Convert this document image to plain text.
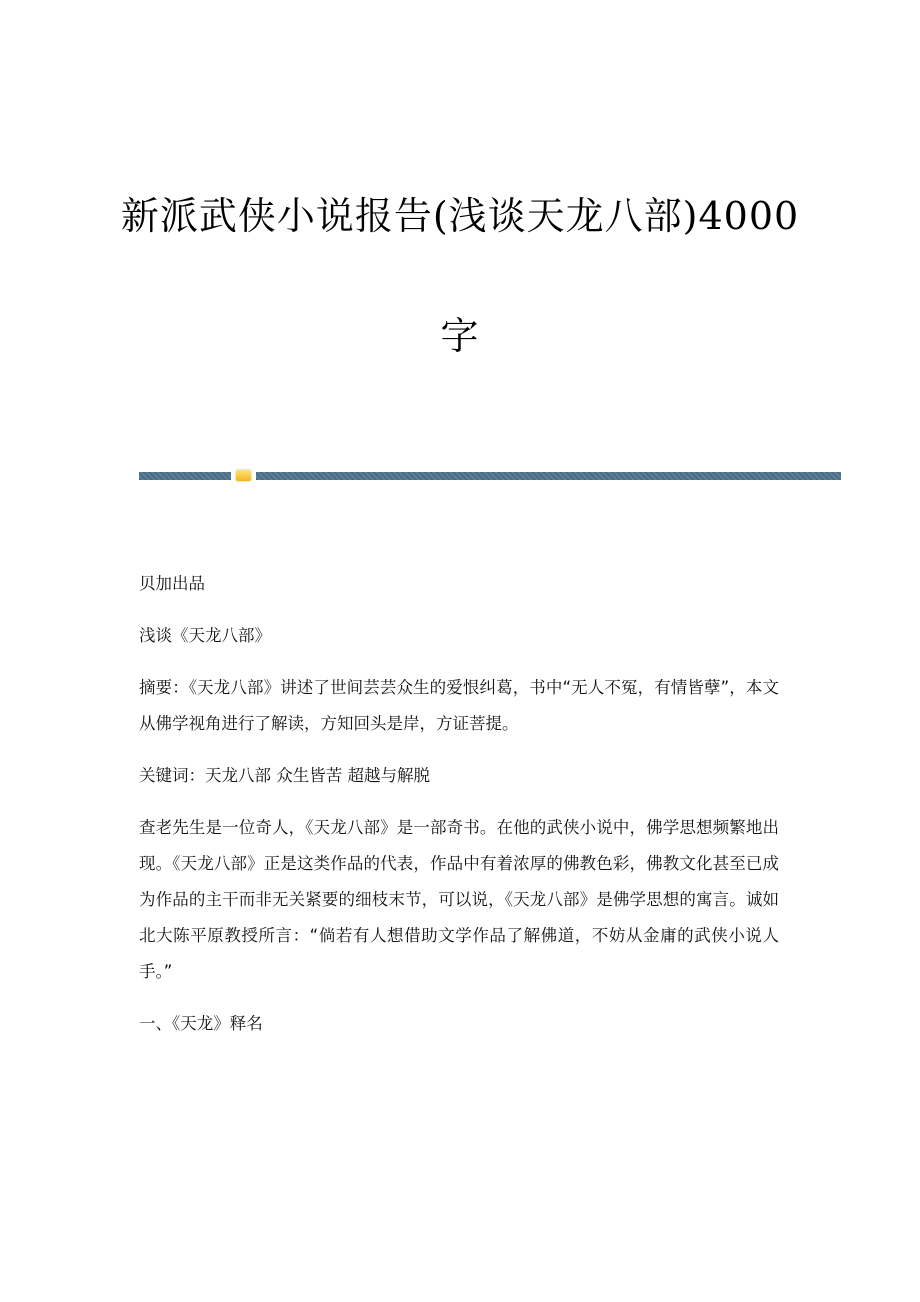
新派武侠小说报告(浅谈天龙八部)4000
字

贝加出品

浅谈《天龙八部》

摘要：《天龙八部》讲述了世间芸芸众生的爱恨纠葛，书中“无人不冤，有情皆孽”，本文从佛学视角进行了解读，方知回头是岸，方证菩提。

关键词：天龙八部 众生皆苦 超越与解脱

查老先生是一位奇人，《天龙八部》是一部奇书。在他的武侠小说中，佛学思想频繁地出现。《天龙八部》正是这类作品的代表，作品中有着浓厚的佛教色彩，佛教文化甚至已成为作品的主干而非无关紧要的细枝末节，可以说，《天龙八部》是佛学思想的寓言。诚如北大陈平原教授所言：“倘若有人想借助文学作品了解佛道，不妨从金庸的武侠小说人手。”

一、《天龙》释名
